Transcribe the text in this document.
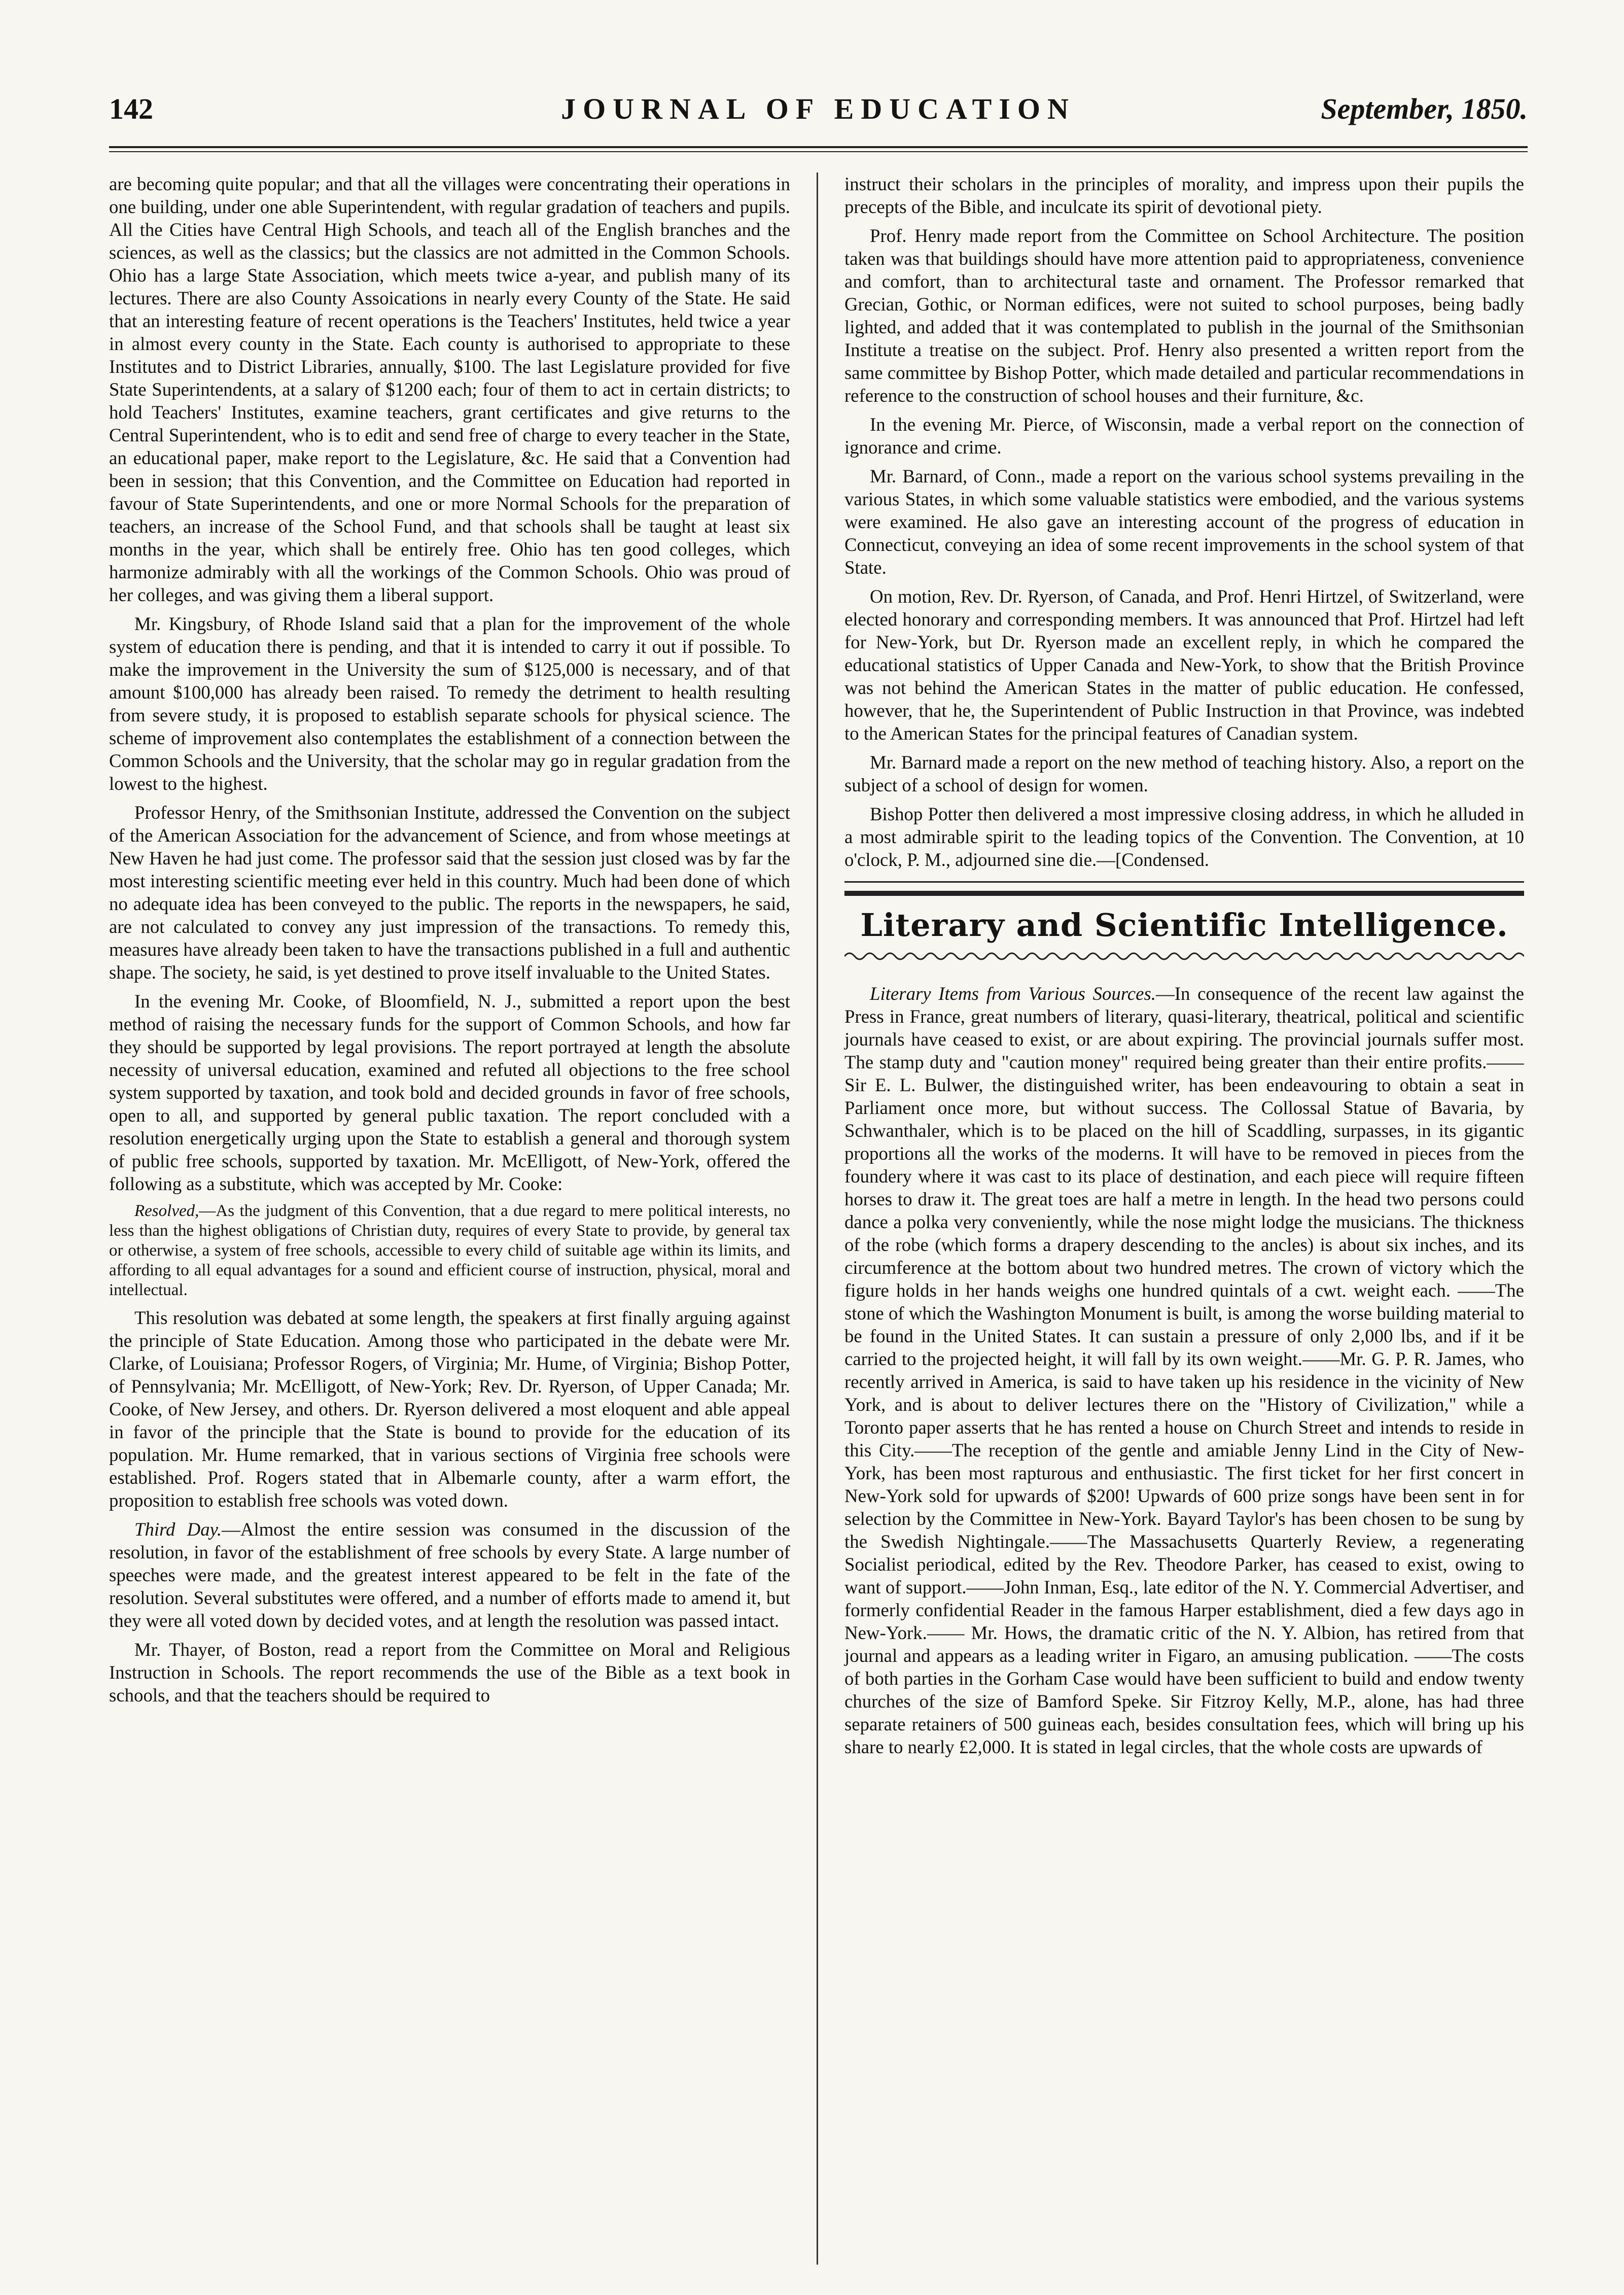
142	JOURNAL OF EDUCATION	September, 1850.

are becoming quite popular; and that all the villages were concentrating their operations in one building, under one able Superintendent, with regular gradation of teachers and pupils. All the Cities have Central High Schools, and teach all of the English branches and the sciences, as well as the classics; but the classics are not admitted in the Common Schools. Ohio has a large State Association, which meets twice a-year, and publish many of its lectures. There are also County Assoications in nearly every County of the State. He said that an interesting feature of recent operations is the Teachers' Institutes, held twice a year in almost every county in the State. Each county is authorised to appropriate to these Institutes and to District Libraries, annually, $100. The last Legislature provided for five State Superintendents, at a salary of $1200 each; four of them to act in certain districts; to hold Teachers' Institutes, examine teachers, grant certificates and give returns to the Central Superintendent, who is to edit and send free of charge to every teacher in the State, an educational paper, make report to the Legislature, &c. He said that a Convention had been in session; that this Convention, and the Committee on Education had reported in favour of State Superintendents, and one or more Normal Schools for the preparation of teachers, an increase of the School Fund, and that schools shall be taught at least six months in the year, which shall be entirely free. Ohio has ten good colleges, which harmonize admirably with all the workings of the Common Schools. Ohio was proud of her colleges, and was giving them a liberal support.

Mr. Kingsbury, of Rhode Island said that a plan for the improvement of the whole system of education there is pending, and that it is intended to carry it out if possible. To make the improvement in the University the sum of $125,000 is necessary, and of that amount $100,000 has already been raised. To remedy the detriment to health resulting from severe study, it is proposed to establish separate schools for physical science. The scheme of improvement also contemplates the establishment of a connection between the Common Schools and the University, that the scholar may go in regular gradation from the lowest to the highest.

Professor Henry, of the Smithsonian Institute, addressed the Convention on the subject of the American Association for the advancement of Science, and from whose meetings at New Haven he had just come. The professor said that the session just closed was by far the most interesting scientific meeting ever held in this country. Much had been done of which no adequate idea has been conveyed to the public. The reports in the newspapers, he said, are not calculated to convey any just impression of the transactions. To remedy this, measures have already been taken to have the transactions published in a full and authentic shape. The society, he said, is yet destined to prove itself invaluable to the United States.

In the evening Mr. Cooke, of Bloomfield, N. J., submitted a report upon the best method of raising the necessary funds for the support of Common Schools, and how far they should be supported by legal provisions. The report portrayed at length the absolute necessity of universal education, examined and refuted all objections to the free school system supported by taxation, and took bold and decided grounds in favor of free schools, open to all, and supported by general public taxation. The report concluded with a resolution energetically urging upon the State to establish a general and thorough system of public free schools, supported by taxation. Mr. McElligott, of New-York, offered the following as a substitute, which was accepted by Mr. Cooke:

Resolved,—As the judgment of this Convention, that a due regard to mere political interests, no less than the highest obligations of Christian duty, requires of every State to provide, by general tax or otherwise, a system of free schools, accessible to every child of suitable age within its limits, and affording to all equal advantages for a sound and efficient course of instruction, physical, moral and intellectual.

This resolution was debated at some length, the speakers at first finally arguing against the principle of State Education. Among those who participated in the debate were Mr. Clarke, of Louisiana; Professor Rogers, of Virginia; Mr. Hume, of Virginia; Bishop Potter, of Pennsylvania; Mr. McElligott, of New-York; Rev. Dr. Ryerson, of Upper Canada; Mr. Cooke, of New Jersey, and others. Dr. Ryerson delivered a most eloquent and able appeal in favor of the principle that the State is bound to provide for the education of its population. Mr. Hume remarked, that in various sections of Virginia free schools were established. Prof. Rogers stated that in Albemarle county, after a warm effort, the proposition to establish free schools was voted down.

Third Day.—Almost the entire session was consumed in the discussion of the resolution, in favor of the establishment of free schools by every State. A large number of speeches were made, and the greatest interest appeared to be felt in the fate of the resolution. Several substitutes were offered, and a number of efforts made to amend it, but they were all voted down by decided votes, and at length the resolution was passed intact.

Mr. Thayer, of Boston, read a report from the Committee on Moral and Religious Instruction in Schools. The report recommends the use of the Bible as a text book in schools, and that the teachers should be required to

instruct their scholars in the principles of morality, and impress upon their pupils the precepts of the Bible, and inculcate its spirit of devotional piety.

Prof. Henry made report from the Committee on School Architecture. The position taken was that buildings should have more attention paid to appropriateness, convenience and comfort, than to architectural taste and ornament. The Professor remarked that Grecian, Gothic, or Norman edifices, were not suited to school purposes, being badly lighted, and added that it was contemplated to publish in the journal of the Smithsonian Institute a treatise on the subject. Prof. Henry also presented a written report from the same committee by Bishop Potter, which made detailed and particular recommendations in reference to the construction of school houses and their furniture, &c.

In the evening Mr. Pierce, of Wisconsin, made a verbal report on the connection of ignorance and crime.

Mr. Barnard, of Conn., made a report on the various school systems prevailing in the various States, in which some valuable statistics were embodied, and the various systems were examined. He also gave an interesting account of the progress of education in Connecticut, conveying an idea of some recent improvements in the school system of that State.

On motion, Rev. Dr. Ryerson, of Canada, and Prof. Henri Hirtzel, of Switzerland, were elected honorary and corresponding members. It was announced that Prof. Hirtzel had left for New-York, but Dr. Ryerson made an excellent reply, in which he compared the educational statistics of Upper Canada and New-York, to show that the British Province was not behind the American States in the matter of public education. He confessed, however, that he, the Superintendent of Public Instruction in that Province, was indebted to the American States for the principal features of Canadian system.

Mr. Barnard made a report on the new method of teaching history. Also, a report on the subject of a school of design for women.

Bishop Potter then delivered a most impressive closing address, in which he alluded in a most admirable spirit to the leading topics of the Convention. The Convention, at 10 o'clock, P. M., adjourned sine die.—[Condensed.

Literary and Scientific Intelligence.

Literary Items from Various Sources.—In consequence of the recent law against the Press in France, great numbers of literary, quasi-literary, theatrical, political and scientific journals have ceased to exist, or are about expiring. The provincial journals suffer most. The stamp duty and "caution money" required being greater than their entire profits.—— Sir E. L. Bulwer, the distinguished writer, has been endeavouring to obtain a seat in Parliament once more, but without success. The Collossal Statue of Bavaria, by Schwanthaler, which is to be placed on the hill of Scaddling, surpasses, in its gigantic proportions all the works of the moderns. It will have to be removed in pieces from the foundery where it was cast to its place of destination, and each piece will require fifteen horses to draw it. The great toes are half a metre in length. In the head two persons could dance a polka very conveniently, while the nose might lodge the musicians. The thickness of the robe (which forms a drapery descending to the ancles) is about six inches, and its circumference at the bottom about two hundred metres. The crown of victory which the figure holds in her hands weighs one hundred quintals of a cwt. weight each. ——The stone of which the Washington Monument is built, is among the worse building material to be found in the United States. It can sustain a pressure of only 2,000 lbs, and if it be carried to the projected height, it will fall by its own weight.——Mr. G. P. R. James, who recently arrived in America, is said to have taken up his residence in the vicinity of New York, and is about to deliver lectures there on the "History of Civilization," while a Toronto paper asserts that he has rented a house on Church Street and intends to reside in this City.——The reception of the gentle and amiable Jenny Lind in the City of New-York, has been most rapturous and enthusiastic. The first ticket for her first concert in New-York sold for upwards of $200! Upwards of 600 prize songs have been sent in for selection by the Committee in New-York. Bayard Taylor's has been chosen to be sung by the Swedish Nightingale.——The Massachusetts Quarterly Review, a regenerating Socialist periodical, edited by the Rev. Theodore Parker, has ceased to exist, owing to want of support.——John Inman, Esq., late editor of the N. Y. Commercial Advertiser, and formerly confidential Reader in the famous Harper establishment, died a few days ago in New-York.—— Mr. Hows, the dramatic critic of the N. Y. Albion, has retired from that journal and appears as a leading writer in Figaro, an amusing publication. ——The costs of both parties in the Gorham Case would have been sufficient to build and endow twenty churches of the size of Bamford Speke. Sir Fitzroy Kelly, M.P., alone, has had three separate retainers of 500 guineas each, besides consultation fees, which will bring up his share to nearly £2,000. It is stated in legal circles, that the whole costs are upwards of
